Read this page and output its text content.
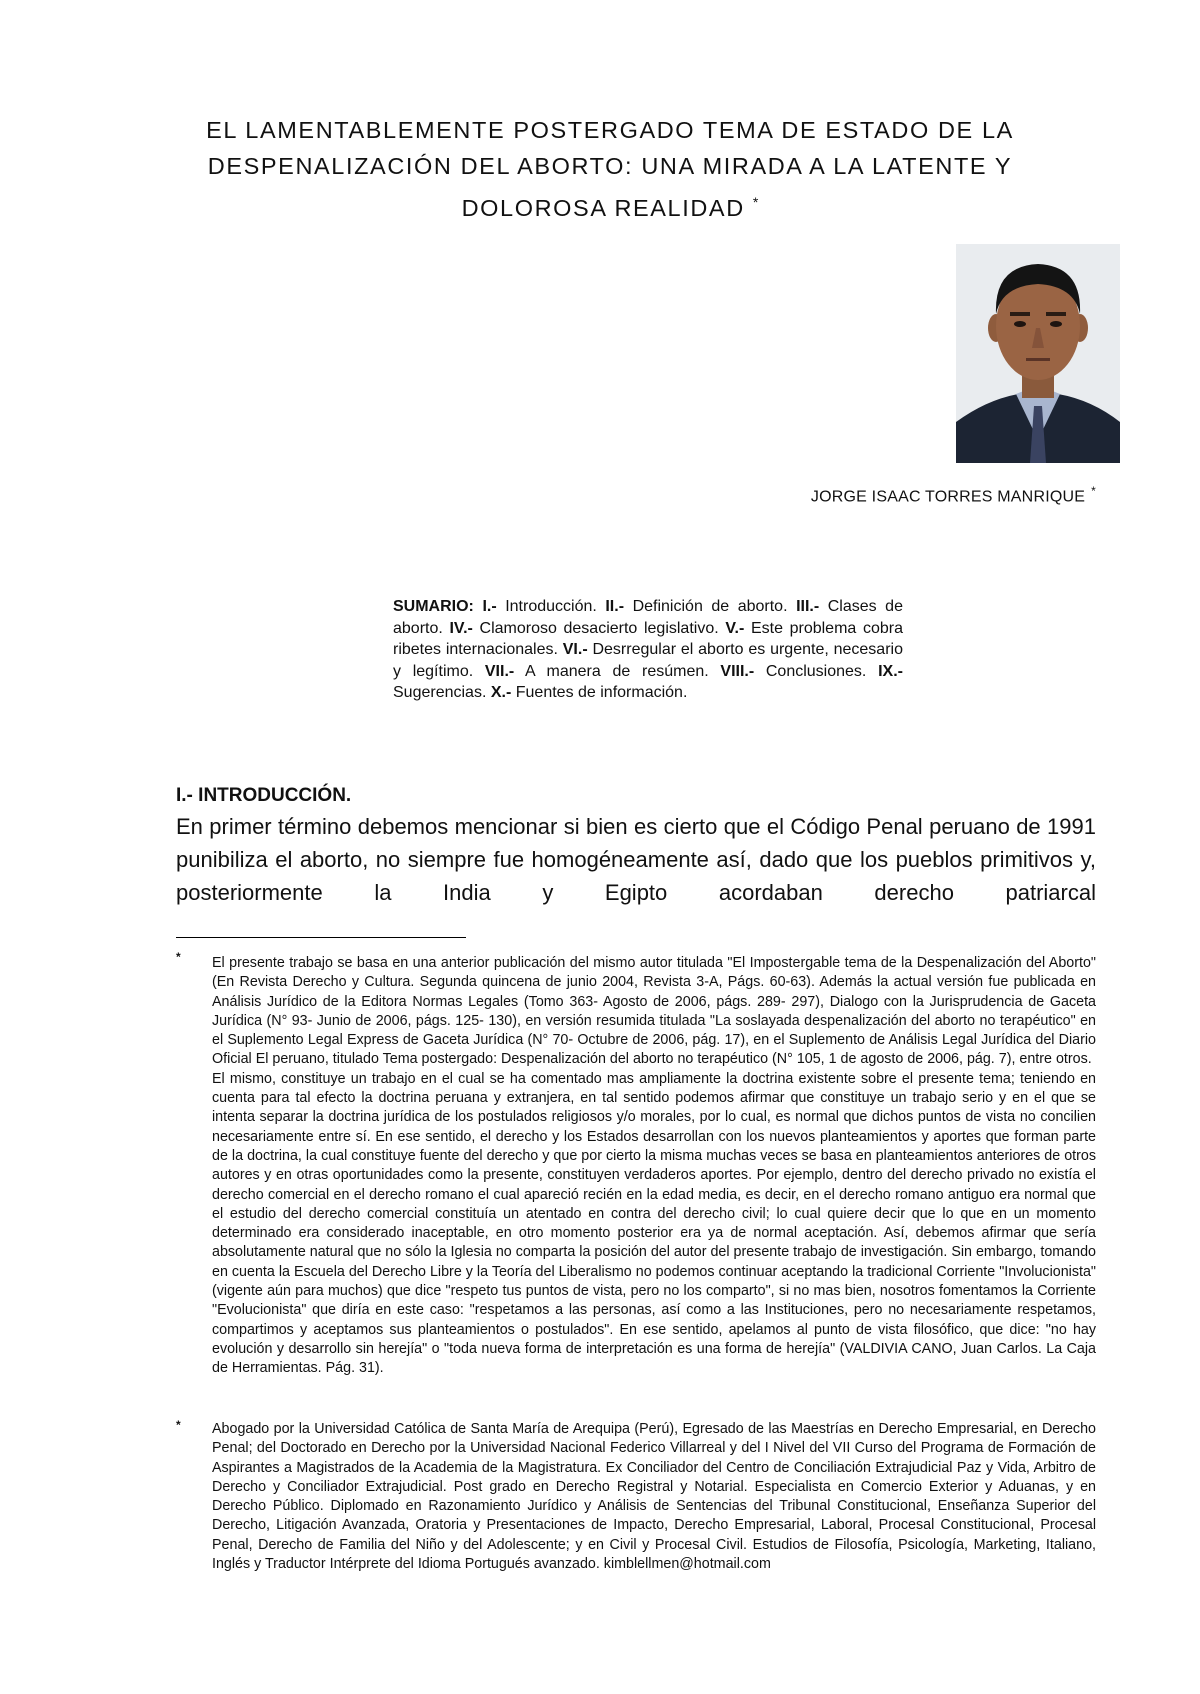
EL LAMENTABLEMENTE POSTERGADO TEMA DE ESTADO DE LA
DESPENALIZACIÓN DEL ABORTO: UNA MIRADA A LA LATENTE Y
DOLOROSA REALIDAD *
JORGE ISAAC TORRES MANRIQUE *

SUMARIO: I.- Introducción. II.- Definición de aborto. III.- Clases de aborto. IV.- Clamoroso desacierto legislativo. V.- Este problema cobra ribetes internacionales. VI.- Desrregular el aborto es urgente, necesario y legítimo. VII.- A manera de resúmen. VIII.- Conclusiones. IX.- Sugerencias. X.- Fuentes de información.

I.- INTRODUCCIÓN.

En primer término debemos mencionar si bien es cierto que el Código Penal peruano de 1991 punibiliza el aborto, no siempre fue homogéneamente así, dado que los pueblos primitivos y, posteriormente la India y Egipto acordaban derecho patriarcal

* El presente trabajo se basa en una anterior publicación del mismo autor titulada "El Impostergable tema de la Despenalización del Aborto" (En Revista Derecho y Cultura. Segunda quincena de junio 2004, Revista 3-A, Págs. 60-63). Además la actual versión fue publicada en Análisis Jurídico de la Editora Normas Legales (Tomo 363- Agosto de 2006, págs. 289- 297), Dialogo con la Jurisprudencia de Gaceta Jurídica (N° 93- Junio de 2006, págs. 125- 130), en versión resumida titulada "La soslayada despenalización del aborto no terapéutico" en el Suplemento Legal Express de Gaceta Jurídica (N° 70- Octubre de 2006, pág. 17), en el Suplemento de Análisis Legal Jurídica del Diario Oficial El peruano, titulado Tema postergado: Despenalización del aborto no terapéutico (N° 105, 1 de agosto de 2006, pág. 7), entre otros.

El mismo, constituye un trabajo en el cual se ha comentado mas ampliamente la doctrina existente sobre el presente tema; teniendo en cuenta para tal efecto la doctrina peruana y extranjera, en tal sentido podemos afirmar que constituye un trabajo serio y en el que se intenta separar la doctrina jurídica de los postulados religiosos y/o morales, por lo cual, es normal que dichos puntos de vista no concilien necesariamente entre sí. En ese sentido, el derecho y los Estados desarrollan con los nuevos planteamientos y aportes que forman parte de la doctrina, la cual constituye fuente del derecho y que por cierto la misma muchas veces se basa en planteamientos anteriores de otros autores y en otras oportunidades como la presente, constituyen verdaderos aportes. Por ejemplo, dentro del derecho privado no existía el derecho comercial en el derecho romano el cual apareció recién en la edad media, es decir, en el derecho romano antiguo era normal que el estudio del derecho comercial constituía un atentado en contra del derecho civil; lo cual quiere decir que lo que en un momento determinado era considerado inaceptable, en otro momento posterior era ya de normal aceptación. Así, debemos afirmar que sería absolutamente natural que no sólo la Iglesia no comparta la posición del autor del presente trabajo de investigación. Sin embargo, tomando en cuenta la Escuela del Derecho Libre y la Teoría del Liberalismo no podemos continuar aceptando la tradicional Corriente "Involucionista" (vigente aún para muchos) que dice "respeto tus puntos de vista, pero no los comparto", si no mas bien, nosotros fomentamos la Corriente "Evolucionista" que diría en este caso: "respetamos a las personas, así como a las Instituciones, pero no necesariamente respetamos, compartimos y aceptamos sus planteamientos o postulados". En ese sentido, apelamos al punto de vista filosófico, que dice: "no hay evolución y desarrollo sin herejía" o "toda nueva forma de interpretación es una forma de herejía" (VALDIVIA CANO, Juan Carlos. La Caja de Herramientas. Pág. 31).

* Abogado por la Universidad Católica de Santa María de Arequipa (Perú), Egresado de las Maestrías en Derecho Empresarial, en Derecho Penal; del Doctorado en Derecho por la Universidad Nacional Federico Villarreal y del I Nivel del VII Curso del Programa de Formación de Aspirantes a Magistrados de la Academia de la Magistratura. Ex Conciliador del Centro de Conciliación Extrajudicial Paz y Vida, Arbitro de Derecho y Conciliador Extrajudicial. Post grado en Derecho Registral y Notarial. Especialista en Comercio Exterior y Aduanas, y en Derecho Público. Diplomado en Razonamiento Jurídico y Análisis de Sentencias del Tribunal Constitucional, Enseñanza Superior del Derecho, Litigación Avanzada, Oratoria y Presentaciones de Impacto, Derecho Empresarial, Laboral, Procesal Constitucional, Procesal Penal, Derecho de Familia del Niño y del Adolescente; y en Civil y Procesal Civil. Estudios de Filosofía, Psicología, Marketing, Italiano, Inglés y Traductor Intérprete del Idioma Portugués avanzado. kimblellmen@hotmail.com
